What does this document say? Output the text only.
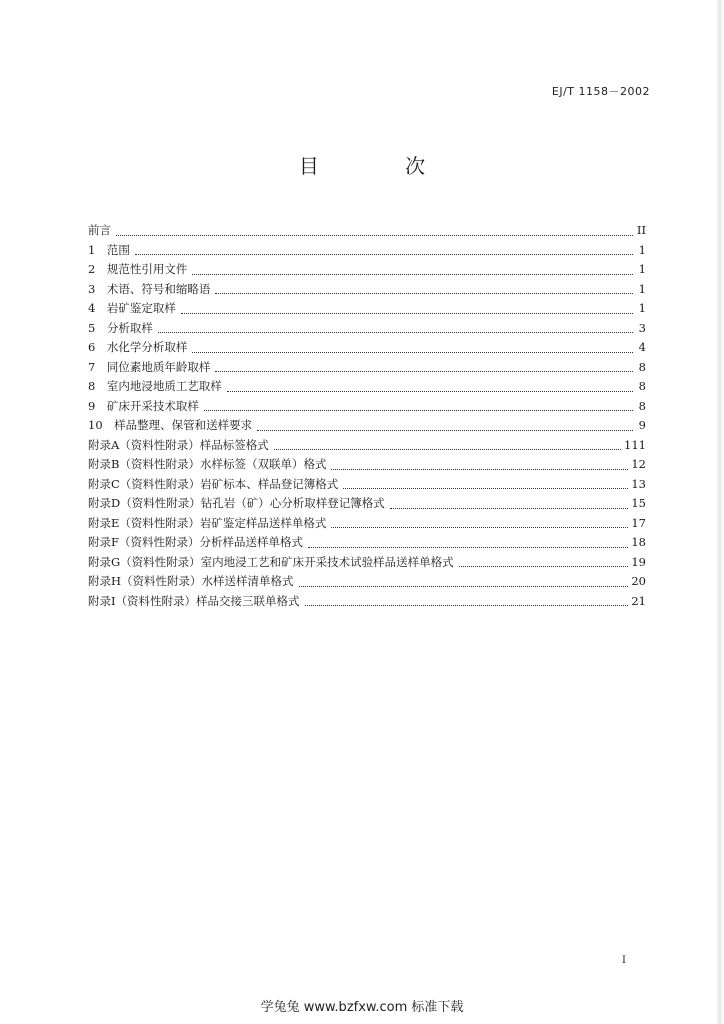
EJ/T 1158－2002
目 次
前言	II
1　范围	1
2　规范性引用文件	1
3　术语、符号和缩略语	1
4　岩矿鉴定取样	1
5　分析取样	3
6　水化学分析取样	4
7　同位素地质年龄取样	8
8　室内地浸地质工艺取样	8
9　矿床开采技术取样	8
10　样品整理、保管和送样要求	9
附录A（资料性附录）样品标签格式	111
附录B（资料性附录）水样标签（双联单）格式	12
附录C（资料性附录）岩矿标本、样品登记簿格式	13
附录D（资料性附录）钻孔岩（矿）心分析取样登记簿格式	15
附录E（资料性附录）岩矿鉴定样品送样单格式	17
附录F（资料性附录）分析样品送样单格式	18
附录G（资料性附录）室内地浸工艺和矿床开采技术试验样品送样单格式	19
附录H（资料性附录）水样送样清单格式	20
附录I（资料性附录）样品交接三联单格式	21
I
学兔兔 www.bzfxw.com 标准下载
